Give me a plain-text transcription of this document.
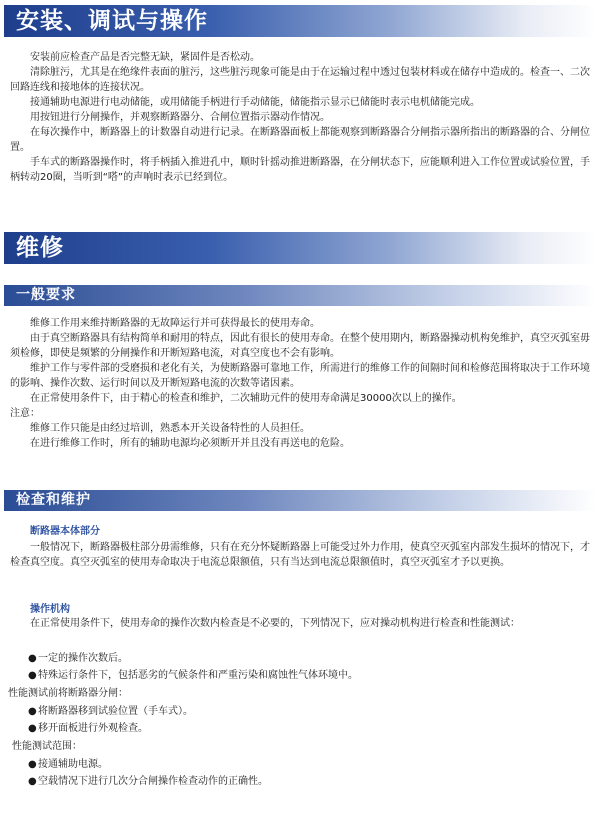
安装、调试与操作

安装前应检查产品是否完整无缺，紧固件是否松动。

清除脏污，尤其是在绝缘件表面的脏污，这些脏污现象可能是由于在运输过程中透过包装材料或在储存中造成的。检查一、二次回路连线和接地体的连接状况。

接通辅助电源进行电动储能，或用储能手柄进行手动储能，储能指示显示已储能时表示电机储能完成。

用按钮进行分闸操作，并观察断路器分、合闸位置指示器动作情况。

在每次操作中，断路器上的计数器自动进行记录。在断路器面板上都能观察到断路器合分闸指示器所指出的断路器的合、分闸位置。

手车式的断路器操作时，将手柄插入推进孔中，顺时针摇动推进断路器，在分闸状态下，应能顺利进入工作位置或试验位置，手柄转动20圈，当听到“嗒”的声响时表示已经到位。

维修
一般要求

维修工作用来维持断路器的无故障运行并可获得最长的使用寿命。

由于真空断路器具有结构简单和耐用的特点，因此有很长的使用寿命。在整个使用期内，断路器操动机构免维护，真空灭弧室毋须检修，即使是频繁的分闸操作和开断短路电流，对真空度也不会有影响。

维护工作与零件部的受磨损和老化有关，为使断路器可靠地工作，所需进行的维修工作的间隔时间和检修范围将取决于工作环境的影响、操作次数、运行时间以及开断短路电流的次数等诸因素。

在正常使用条件下，由于精心的检查和维护，二次辅助元件的使用寿命满足30000次以上的操作。

注意：

维修工作只能是由经过培训，熟悉本开关设备特性的人员担任。

在进行维修工作时，所有的辅助电源均必须断开并且没有再送电的危险。

检查和维护
断路器本体部分

一般情况下，断路器极柱部分毋需维修，只有在充分怀疑断路器上可能受过外力作用，使真空灭弧室内部发生损坏的情况下，才检查真空度。真空灭弧室的使用寿命取决于电流总限额值，只有当达到电流总限额值时，真空灭弧室才予以更换。

操作机构

在正常使用条件下，使用寿命的操作次数内检查是不必要的，下列情况下，应对操动机构进行检查和性能测试：

●一定的操作次数后。
●特殊运行条件下，包括恶劣的气候条件和严重污染和腐蚀性气体环境中。
性能测试前将断路器分闸：
●将断路器移到试验位置（手车式）。
●移开面板进行外观检查。
性能测试范围：
●接通辅助电源。
●空载情况下进行几次分合闸操作检查动作的正确性。
